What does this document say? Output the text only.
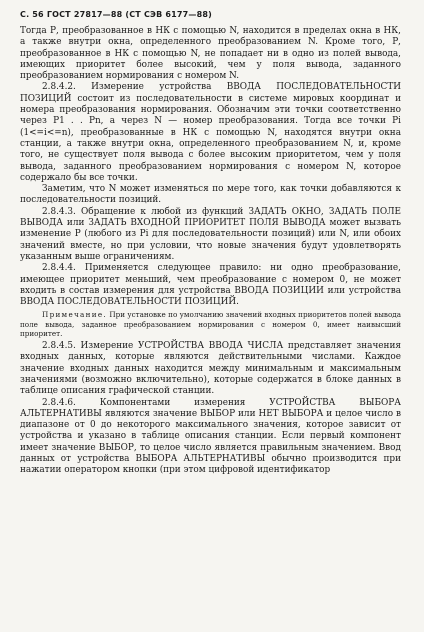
С. 56 ГОСТ 27817—88 (СТ СЭВ 6177—88)

Тогда Р, преобразованное в НК с помощью N, находится в пределах окна в НК, а также внутри окна, определенного преобразованием N. Кроме того, Р, преобразованное в НК с помощью N, не попадает ни в одно из полей вывода, имеющих приоритет более высокий, чем у поля вывода, заданного преобразованием нормирования с номером N.

2.8.4.2. Измерение устройства ВВОДА ПОСЛЕДОВАТЕЛЬНОСТИ ПОЗИЦИЙ состоит из последовательности в системе мировых координат и номера преобразования нормирования. Обозначим эти точки соответственно через Р1 . . Рn, а через N — номер преобразования. Тогда все точки Рi (1<=i<=n), преобразованные в НК с помощью N, находятся внутри окна станции, а также внутри окна, определенного преобразованием N, и, кроме того, не существует поля вывода с более высоким приоритетом, чем у поля вывода, заданного преобразованием нормирования с номером N, которое содержало бы все точки.

Заметим, что N может изменяться по мере того, как точки добавляются к последовательности позиций.

2.8.4.3. Обращение к любой из функций ЗАДАТЬ ОКНО, ЗАДАТЬ ПОЛЕ ВЫВОДА или ЗАДАТЬ ВХОДНОЙ ПРИОРИТЕТ ПОЛЯ ВЫВОДА может вызвать изменение Р (любого из Рi для последовательности позиций) или N, или обоих значений вместе, но при условии, что новые значения будут удовлетворять указанным выше ограничениям.

2.8.4.4. Применяется следующее правило: ни одно преобразование, имеющее приоритет меньший, чем преобразование с номером 0, не может входить в состав измерения для устройства ВВОДА ПОЗИЦИИ или устройства ВВОДА ПОСЛЕДОВАТЕЛЬНОСТИ ПОЗИЦИЙ.

Примечание. При установке по умолчанию значений входных приоритетов полей вывода поле вывода, заданное преобразованием нормирования с номером 0, имеет наивысший приоритет.

2.8.4.5. Измерение УСТРОЙСТВА ВВОДА ЧИСЛА представляет значения входных данных, которые являются действительными числами. Каждое значение входных данных находится между минимальным и максимальным значениями (возможно включительно), которые содержатся в блоке данных в таблице описания графической станции.

2.8.4.6. Компонентами измерения УСТРОЙСТВА ВЫБОРА АЛЬТЕРНАТИВЫ являются значение ВЫБОР или НЕТ ВЫБОРА и целое число в диапазоне от 0 до некоторого максимального значения, которое зависит от устройства и указано в таблице описания станции. Если первый компонент имеет значение ВЫБОР, то целое число является правильным значением. Ввод данных от устройства ВЫБОРА АЛЬТЕРНАТИВЫ обычно производится при нажатии оператором кнопки (при этом цифровой идентификатор
